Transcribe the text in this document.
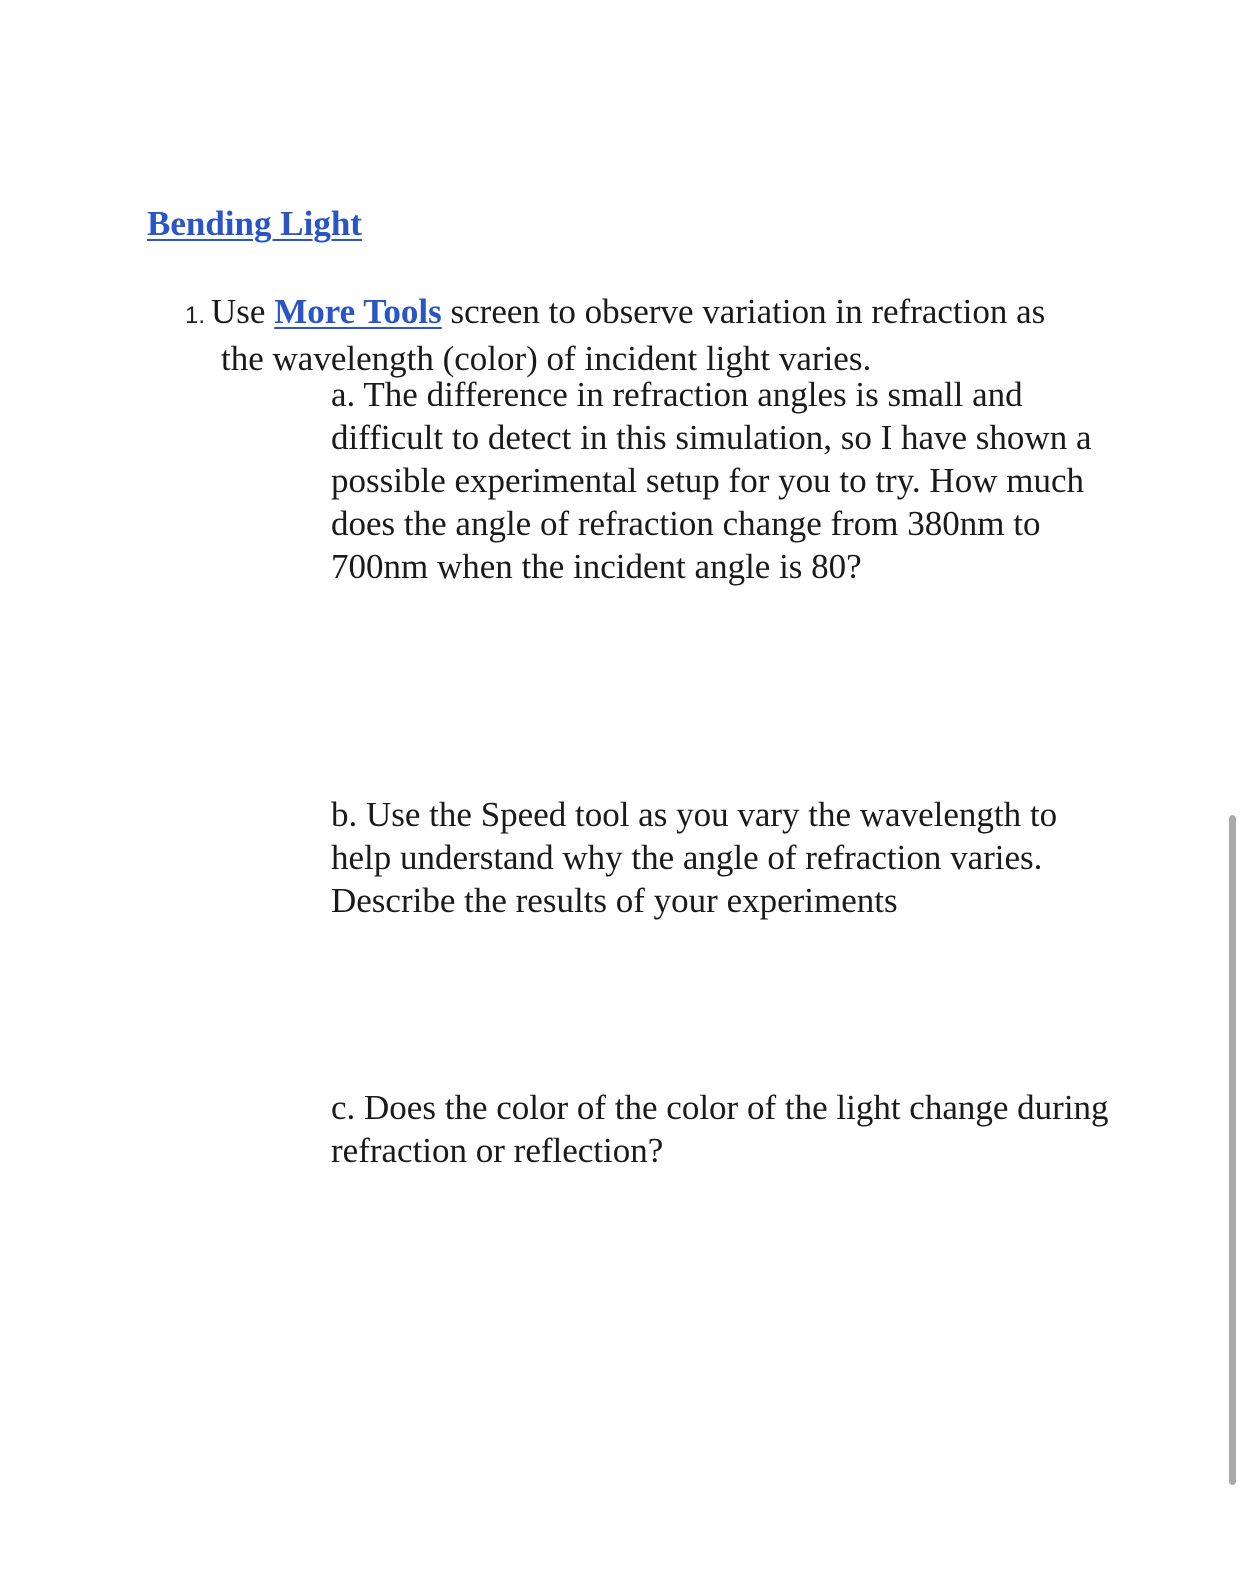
Bending Light
1. Use More Tools screen to observe variation in refraction as
the wavelength (color) of incident light varies.
a. The difference in refraction angles is small and difficult to detect in this simulation, so I have shown a possible experimental setup for you to try. How much does the angle of refraction change from 380nm to 700nm when the incident angle is 80?
b. Use the Speed tool as you vary the wavelength to help understand why the angle of refraction varies. Describe the results of your experiments
c. Does the color of the color of the light change during refraction or reflection?
